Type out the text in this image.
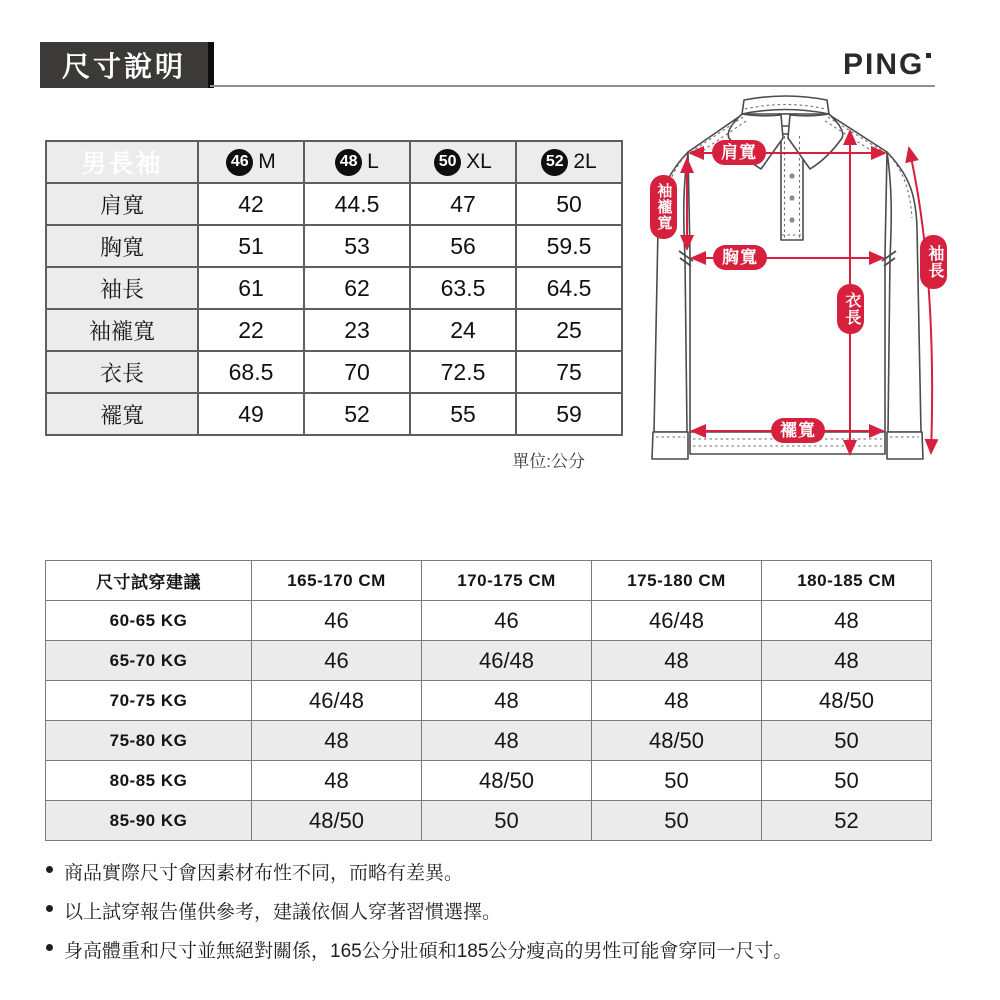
尺寸說明	PING
男長袖	46 M	48 L	50 XL	52 2L
肩寬	42	44.5	47	50
胸寬	51	53	56	59.5
袖長	61	62	63.5	64.5
袖襱寬	22	23	24	25
衣長	68.5	70	72.5	75
襬寬	49	52	55	59
單位:公分
肩寬
胸寬
襬寬
袖襱寬
衣長
袖長
尺寸試穿建議	165-170 CM	170-175 CM	175-180 CM	180-185 CM
60-65 KG	46	46	46/48	48
65-70 KG	46	46/48	48	48
70-75 KG	46/48	48	48	48/50
75-80 KG	48	48	48/50	50
80-85 KG	48	48/50	50	50
85-90 KG	48/50	50	50	52
商品實際尺寸會因素材布性不同，而略有差異。
以上試穿報告僅供參考，建議依個人穿著習慣選擇。
身高體重和尺寸並無絕對關係，165公分壯碩和185公分瘦高的男性可能會穿同一尺寸。
